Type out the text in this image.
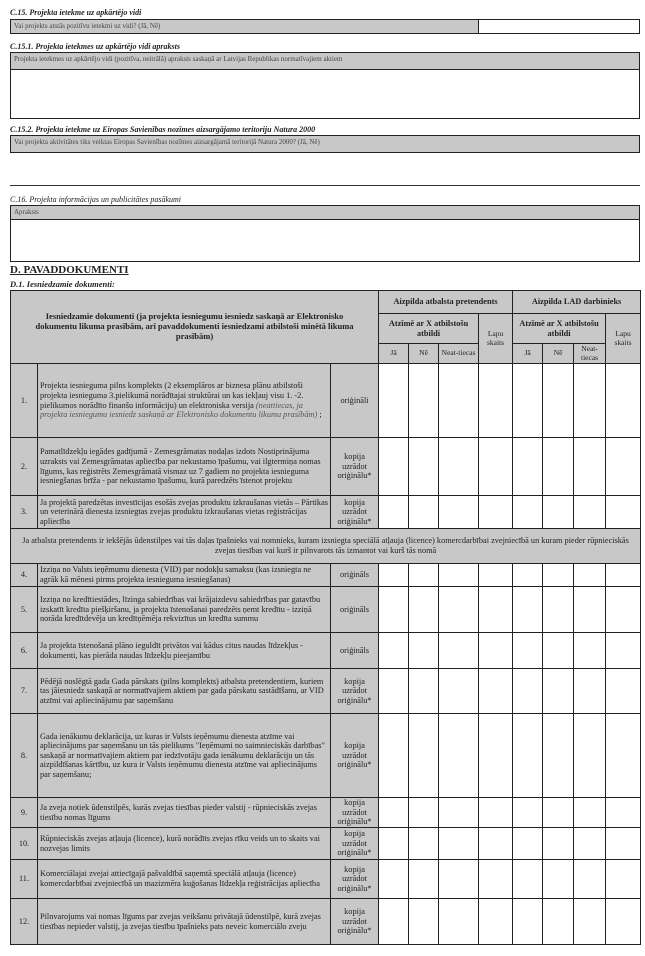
C.15. Projekta ietekme uz apkārtējo vidi
Vai projekts atstās pozitīvu ietekmi uz vidi? (Jā, Nē)
C.15.1. Projekta ietekmes uz apkārtējo vidi apraksts
Projekta ietekmes uz apkārtējo vidi (pozitīva, neitrālā) apraksts saskaņā ar Latvijas Republikas normatīvajiem aktiem
C.15.2. Projekta ietekme uz Eiropas Savienības nozīmes aizsargājamo teritoriju Natura 2000
Vai projekta aktivitātes tiks veiktas Eiropas Savienības nozīmes aizsargājamā teritorijā Natura 2000? (Jā, Nē)
C.16. Projekta informācijas un publicitātes pasākumi
Apraksts
D. PAVADDOKUMENTI
D.1. Iesniedzamie dokumenti:
Iesniedzamie dokumenti (ja projekta iesniegumu iesniedz saskaņā ar Elektronisko dokumentu likuma prasībām, arī pavaddokumenti iesniedzami atbilstoši minētā likuma prasībām)			Aizpilda atbalsta pretendents				Aizpilda LAD darbinieks			
			Atzīmē ar X atbilstošu atbildi			Lapu skaits	Atzīmē ar X atbilstošu atbildi			Lapu skaits
			Jā	Nē	Neat-tiecas		Jā	Nē	Neat-tiecas	
1.	Projekta iesnieguma pilns komplekts (2 eksemplāros ar biznesa plānu atbilstoši projekta iesnieguma 3.pielikumā norādītajai struktūrai un kas iekļauj visu 1. -2. pielikumos norādīto finanšu informāciju) un elektroniska versija (neattiecas, ja projekta iesniegumu iesniedz saskaņā ar Elektronisko dokumentu likumu prasībām) ;	oriģināli								
2.	Pamatlīdzekļu iegādes gadījumā - Zemesgrāmatas nodaļas izdots Nostiprinājuma uzraksts vai Zemesgrāmatas apliecība par nekustamo īpašumu, vai ilgtermiņa nomas līgums, kas reģistrēts Zemesgrāmatā vismaz uz 7 gadiem no projekta iesnieguma iesniegšanas brīža - par nekustamo īpašumu, kurā paredzēts īstenot projektu	kopija uzrādot oriģinālu*								
3.	Ja projektā paredzētas investīcijas esošās zvejas produktu izkraušanas vietās – Pārtikas un veterinārā dienesta izsniegtas zvejas produktu izkraušanas vietas reģistrācijas apliecība	kopija uzrādot oriģinālu*								
Ja atbalsta pretendents ir iekšējās ūdenstilpes vai tās daļas īpašnieks vai nomnieks, kuram izsniegta speciālā atļauja (licence) komercdarbībai zvejniecībā un kuram pieder rūpnieciskās zvejas tiesības vai kurš ir pilnvarots tās izmantot vai kurš tās nomā										
4.	Izziņa no Valsts ieņēmumu dienesta (VID) par nodokļu samaksu (kas izsniegta ne agrāk kā mēnesi pirms projekta iesnieguma iesniegšanas)	oriģināls								
5.	Izziņa no kredītiestādes, līzinga sabiedrības vai krājaizdevu sabiedrības par gatavību izskatīt kredīta piešķiršanu, ja projekta īstenošanai paredzēts ņemt kredītu - izziņā norāda kredītdevēja un kredītņēmēja rekvizītus un kredīta summu	oriģināls								
6.	Ja projekta īstenošanā plāno ieguldīt privātos vai kādus citus naudas līdzekļus - dokumenti, kas pierāda naudas līdzekļu pieejamību	oriģināls								
7.	Pēdējā noslēgtā gada Gada pārskats (pilns komplekts) atbalsta pretendentiem, kuriem tas jāiesniedz saskaņā ar normatīvajiem aktiem par gada pārskatu sastādīšanu, ar VID atzīmi vai apliecinājumu par saņemšanu	kopija uzrādot oriģinālu*								
8.	Gada ienākumu deklarācija, uz kuras ir Valsts ieņēmumu dienesta atzīme vai apliecinājums par saņemšanu un tās pielikums "Ieņēmumi no saimnieciskās darbības" saskaņā ar normatīvajiem aktiem par iedzīvotāju gada ienākumu deklarāciju un tās aizpildīšanas kārtību, uz kura ir Valsts ieņēmumu dienesta atzīme vai apliecinājums par saņemšanu;	kopija uzrādot oriģinālu*								
9.	Ja zveja notiek ūdenstilpēs, kurās zvejas tiesības pieder valstij - rūpnieciskās zvejas tiesību nomas līgums	kopija uzrādot oriģinālu*								
10.	Rūpnieciskās zvejas atļauja (licence), kurā norādīts zvejas rīku veids un to skaits vai nozvejas limits	kopija uzrādot oriģinālu*								
11.	Komerciālajai zvejai attiecīgajā pašvaldībā saņemtā speciālā atļauja (licence) komercdarbībai zvejniecībā un mazizmēra kuģošanas līdzekļa reģistrācijas apliecība	kopija uzrādot oriģinālu*								
12.	Pilnvarojums vai nomas līgums par zvejas veikšanu privātajā ūdenstilpē, kurā zvejas tiesības nepieder valstij, ja zvejas tiesību īpašnieks pats neveic komerciālo zveju	kopija uzrādot oriģinālu*								
